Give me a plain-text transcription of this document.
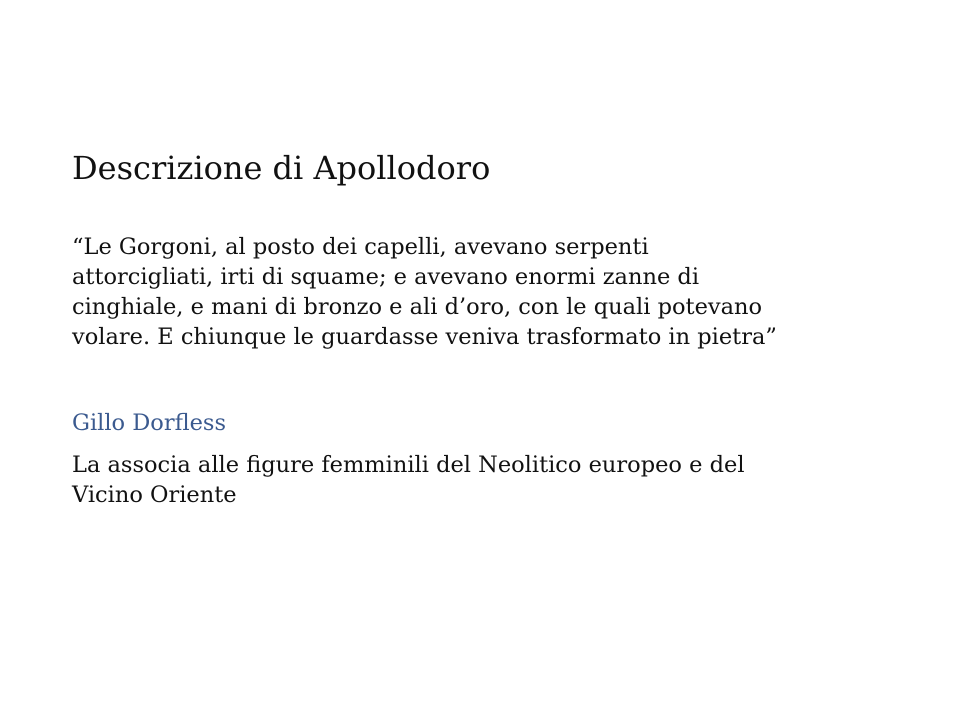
Descrizione di Apollodoro

“Le Gorgoni, al posto dei capelli, avevano serpenti
attorcigliati, irti di squame; e avevano enormi zanne di
cinghiale, e mani di bronzo e ali d’oro, con le quali potevano
volare. E chiunque le guardasse veniva trasformato in pietra”

Gillo Dorfless

La associa alle figure femminili del Neolitico europeo e del
Vicino Oriente
